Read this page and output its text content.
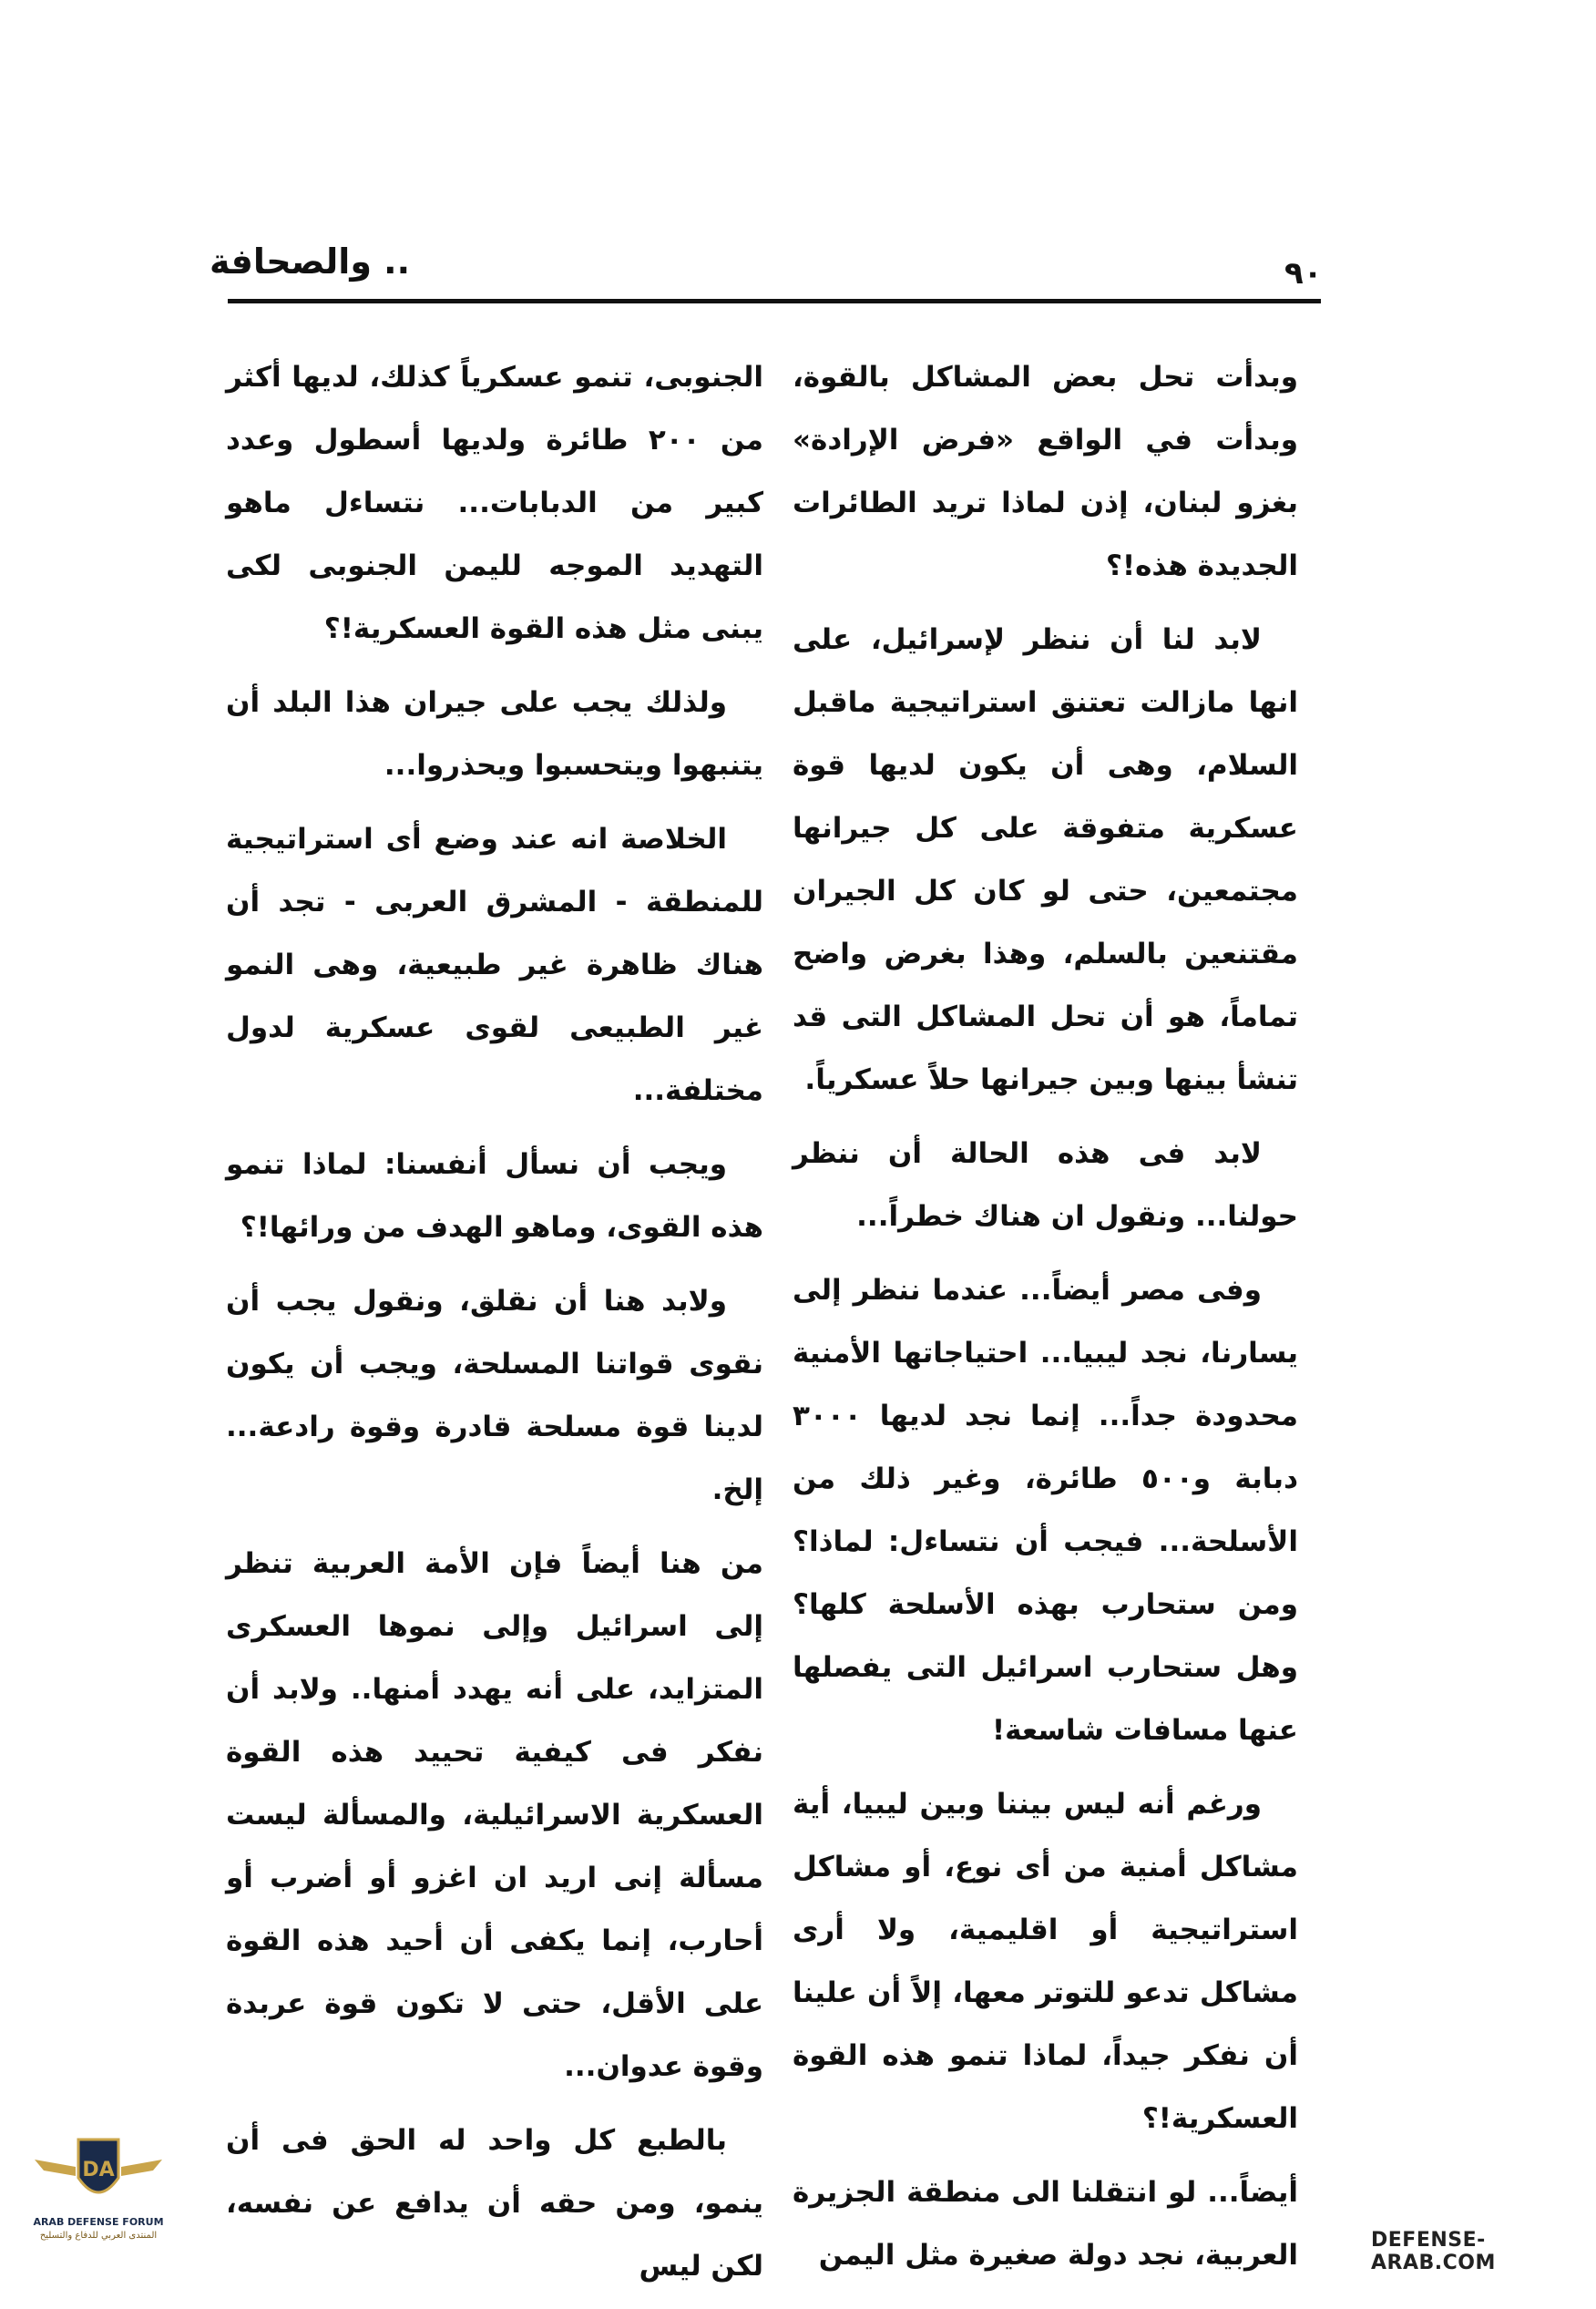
.. والصحافة	٩٠

وبدأت تحل بعض المشاكل بالقوة، وبدأت في الواقع «فرض الإرادة» بغزو لبنان، إذن لماذا تريد الطائرات الجديدة هذه!؟

لابد لنا أن ننظر لإسرائيل، على انها مازالت تعتنق استراتيجية ماقبل السلام، وهى أن يكون لديها قوة عسكرية متفوقة على كل جيرانها مجتمعين، حتى لو كان كل الجيران مقتنعين بالسلم، وهذا بغرض واضح تماماً، هو أن تحل المشاكل التى قد تنشأ بينها وبين جيرانها حلاً عسكرياً.

لابد فى هذه الحالة أن ننظر حولنا... ونقول ان هناك خطراً...

وفى مصر أيضاً... عندما ننظر إلى يسارنا، نجد ليبيا... احتياجاتها الأمنية محدودة جداً... إنما نجد لديها ٣٠٠٠ دبابة و٥٠٠ طائرة، وغير ذلك من الأسلحة... فيجب أن نتساءل: لماذا؟ ومن ستحارب بهذه الأسلحة كلها؟ وهل ستحارب اسرائيل التى يفصلها عنها مسافات شاسعة!

ورغم أنه ليس بيننا وبين ليبيا، أية مشاكل أمنية من أى نوع، أو مشاكل استراتيجية أو اقليمية، ولا أرى مشاكل تدعو للتوتر معها، إلاً أن علينا أن نفكر جيداً، لماذا تنمو هذه القوة العسكرية!؟

أيضاً... لو انتقلنا الى منطقة الجزيرة العربية، نجد دولة صغيرة مثل اليمن

الجنوبى، تنمو عسكرياً كذلك، لديها أكثر من ٢٠٠ طائرة ولديها أسطول وعدد كبير من الدبابات... نتساءل ماهو التهديد الموجه لليمن الجنوبى لكى يبنى مثل هذه القوة العسكرية!؟

ولذلك يجب على جيران هذا البلد أن يتنبهوا ويتحسبوا ويحذروا...

الخلاصة انه عند وضع أى استراتيجية للمنطقة - المشرق العربى - تجد أن هناك ظاهرة غير طبيعية، وهى النمو غير الطبيعى لقوى عسكرية لدول مختلفة...

ويجب أن نسأل أنفسنا: لماذا تنمو هذه القوى، وماهو الهدف من ورائها!؟

ولابد هنا أن نقلق، ونقول يجب أن نقوى قواتنا المسلحة، ويجب أن يكون لدينا قوة مسلحة قادرة وقوة رادعة... إلخ.

من هنا أيضاً فإن الأمة العربية تنظر إلى اسرائيل وإلى نموها العسكرى المتزايد، على أنه يهدد أمنها.. ولابد أن نفكر فى كيفية تحييد هذه القوة العسكرية الاسرائيلية، والمسألة ليست مسألة إنى اريد ان اغزو أو أضرب أو أحارب، إنما يكفى أن أحيد هذه القوة على الأقل، حتى لا تكون قوة عربدة وقوة عدوان...

بالطبع كل واحد له الحق فى أن ينمو، ومن حقه أن يدافع عن نفسه، لكن ليس

DA
ARAB DEFENSE FORUM
المنتدى العربي للدفاع والتسليح	DEFENSE-ARAB.COM
